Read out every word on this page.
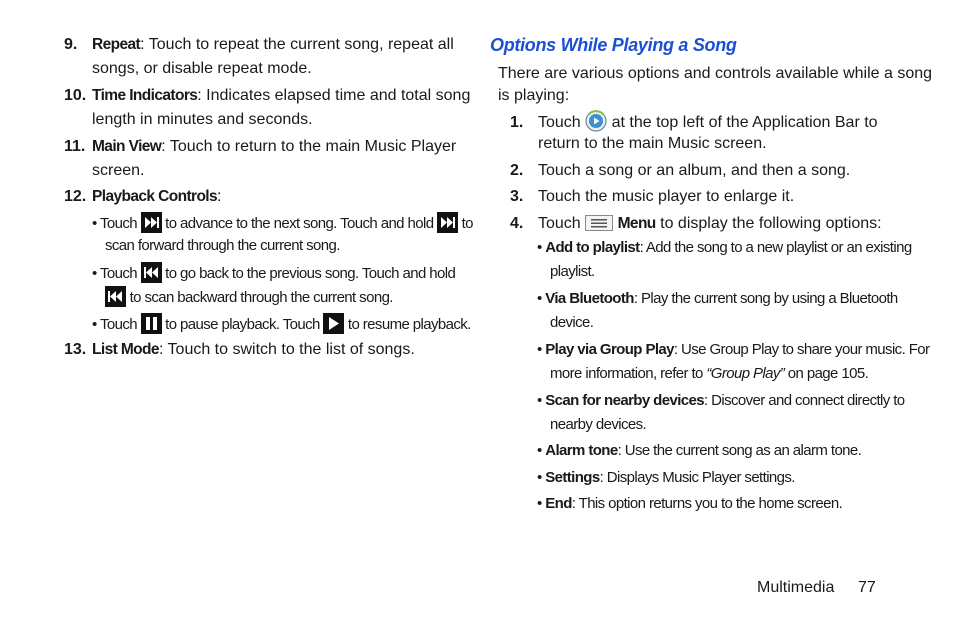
9. Repeat: Touch to repeat the current song, repeat all
songs, or disable repeat mode.
10. Time Indicators: Indicates elapsed time and total song
length in minutes and seconds.
11. Main View: Touch to return to the main Music Player
screen.
12. Playback Controls:
• Touch to advance to the next song. Touch and hold to
scan forward through the current song.
• Touch to go back to the previous song. Touch and hold
to scan backward through the current song.
• Touch to pause playback. Touch to resume playback.
13. List Mode: Touch to switch to the list of songs.
Options While Playing a Song
There are various options and controls available while a song
is playing:
1. Touch at the top left of the Application Bar to
return to the main Music screen.
2. Touch a song or an album, and then a song.
3. Touch the music player to enlarge it.
4. Touch Menu to display the following options:
• Add to playlist: Add the song to a new playlist or an existing
playlist.
• Via Bluetooth: Play the current song by using a Bluetooth
device.
• Play via Group Play: Use Group Play to share your music. For
more information, refer to “Group Play” on page 105.
• Scan for nearby devices: Discover and connect directly to
nearby devices.
• Alarm tone: Use the current song as an alarm tone.
• Settings: Displays Music Player settings.
• End: This option returns you to the home screen.
Multimedia 77
